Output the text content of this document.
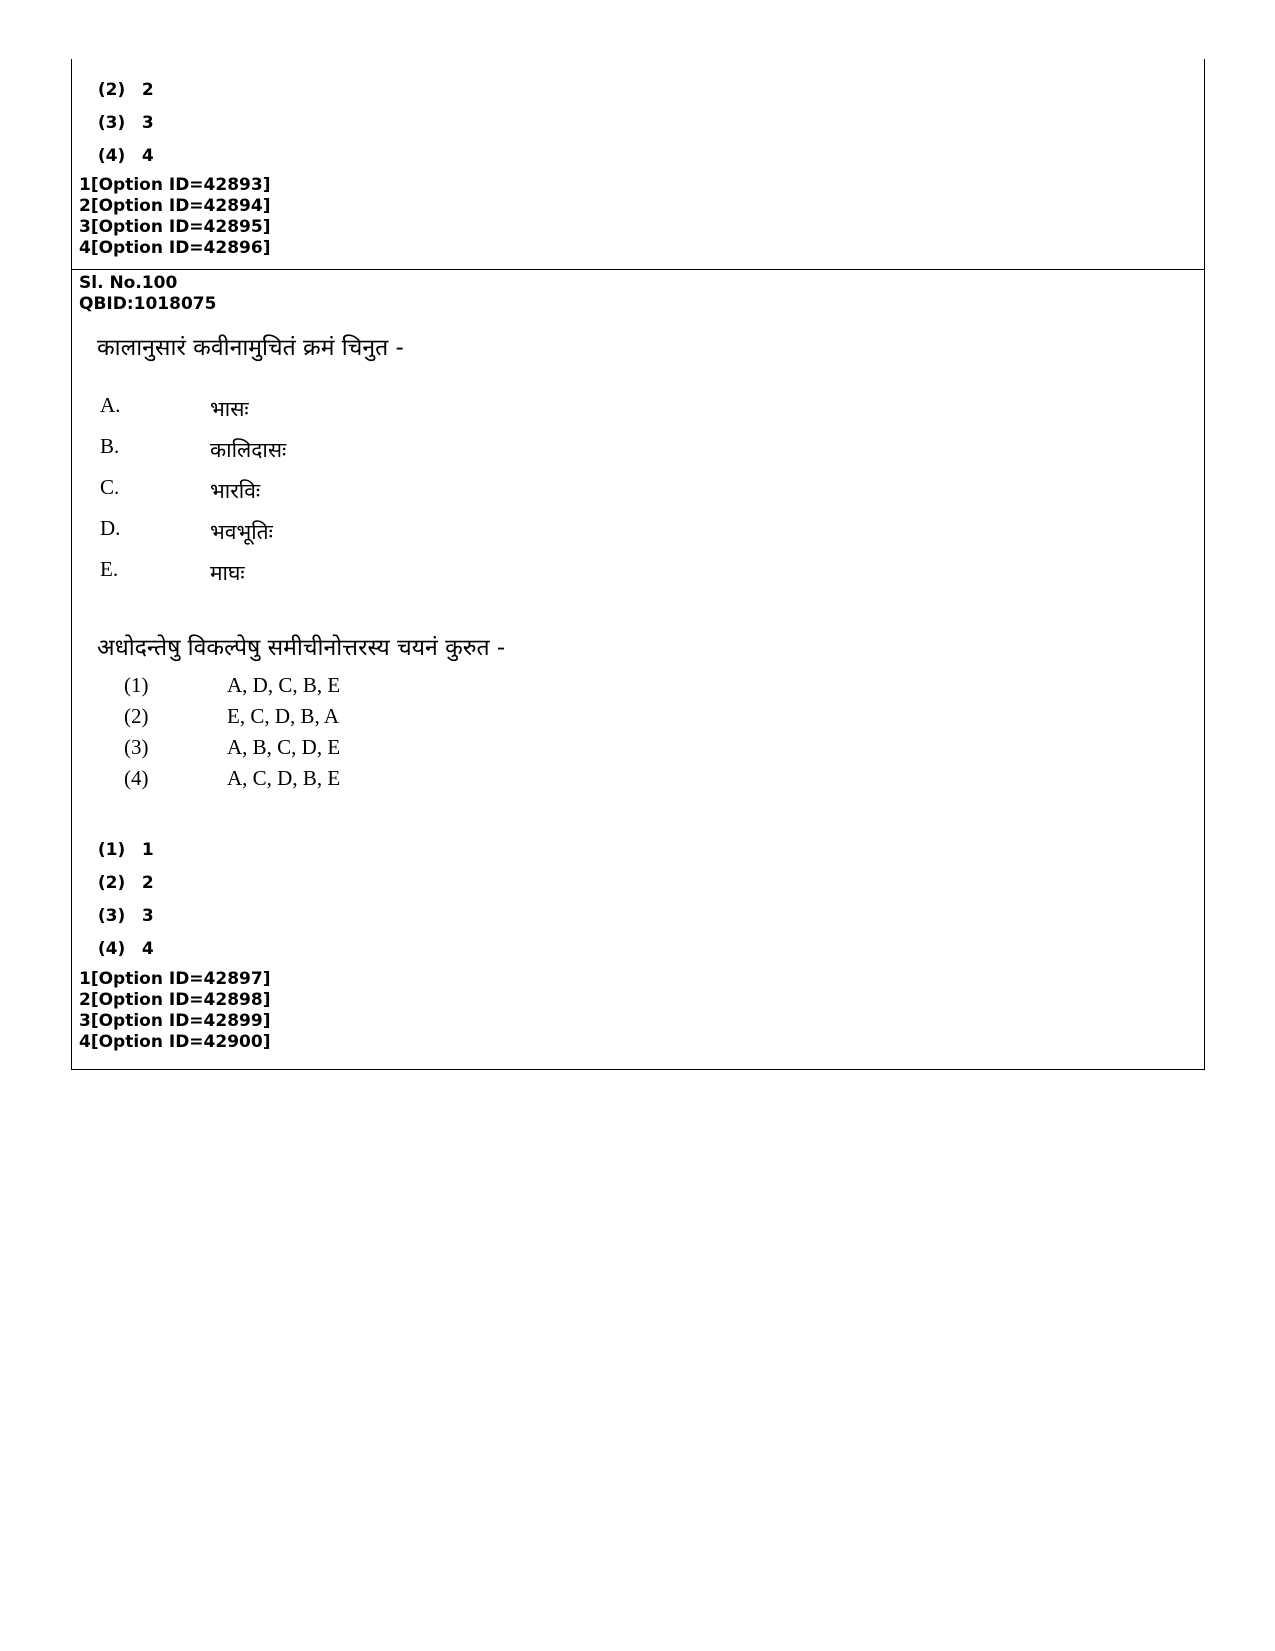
(2) 2

(3) 3

(4) 4

1[Option ID=42893]
2[Option ID=42894]
3[Option ID=42895]
4[Option ID=42896]
Sl. No.100
QBID:1018075
कालानुसारं कवीनामुचितं क्रमं चिनुत -
A.	भासः
B.	कालिदासः
C.	भारविः
D.	भवभूतिः
E.	माघः
अधोदन्तेषु विकल्पेषु समीचीनोत्तरस्य चयनं कुरुत -
(1)	A, D, C, B, E
(2)	E, C, D, B, A
(3)	A, B, C, D, E
(4)	A, C, D, B, E

(1) 1

(2) 2

(3) 3

(4) 4

1[Option ID=42897]
2[Option ID=42898]
3[Option ID=42899]
4[Option ID=42900]
